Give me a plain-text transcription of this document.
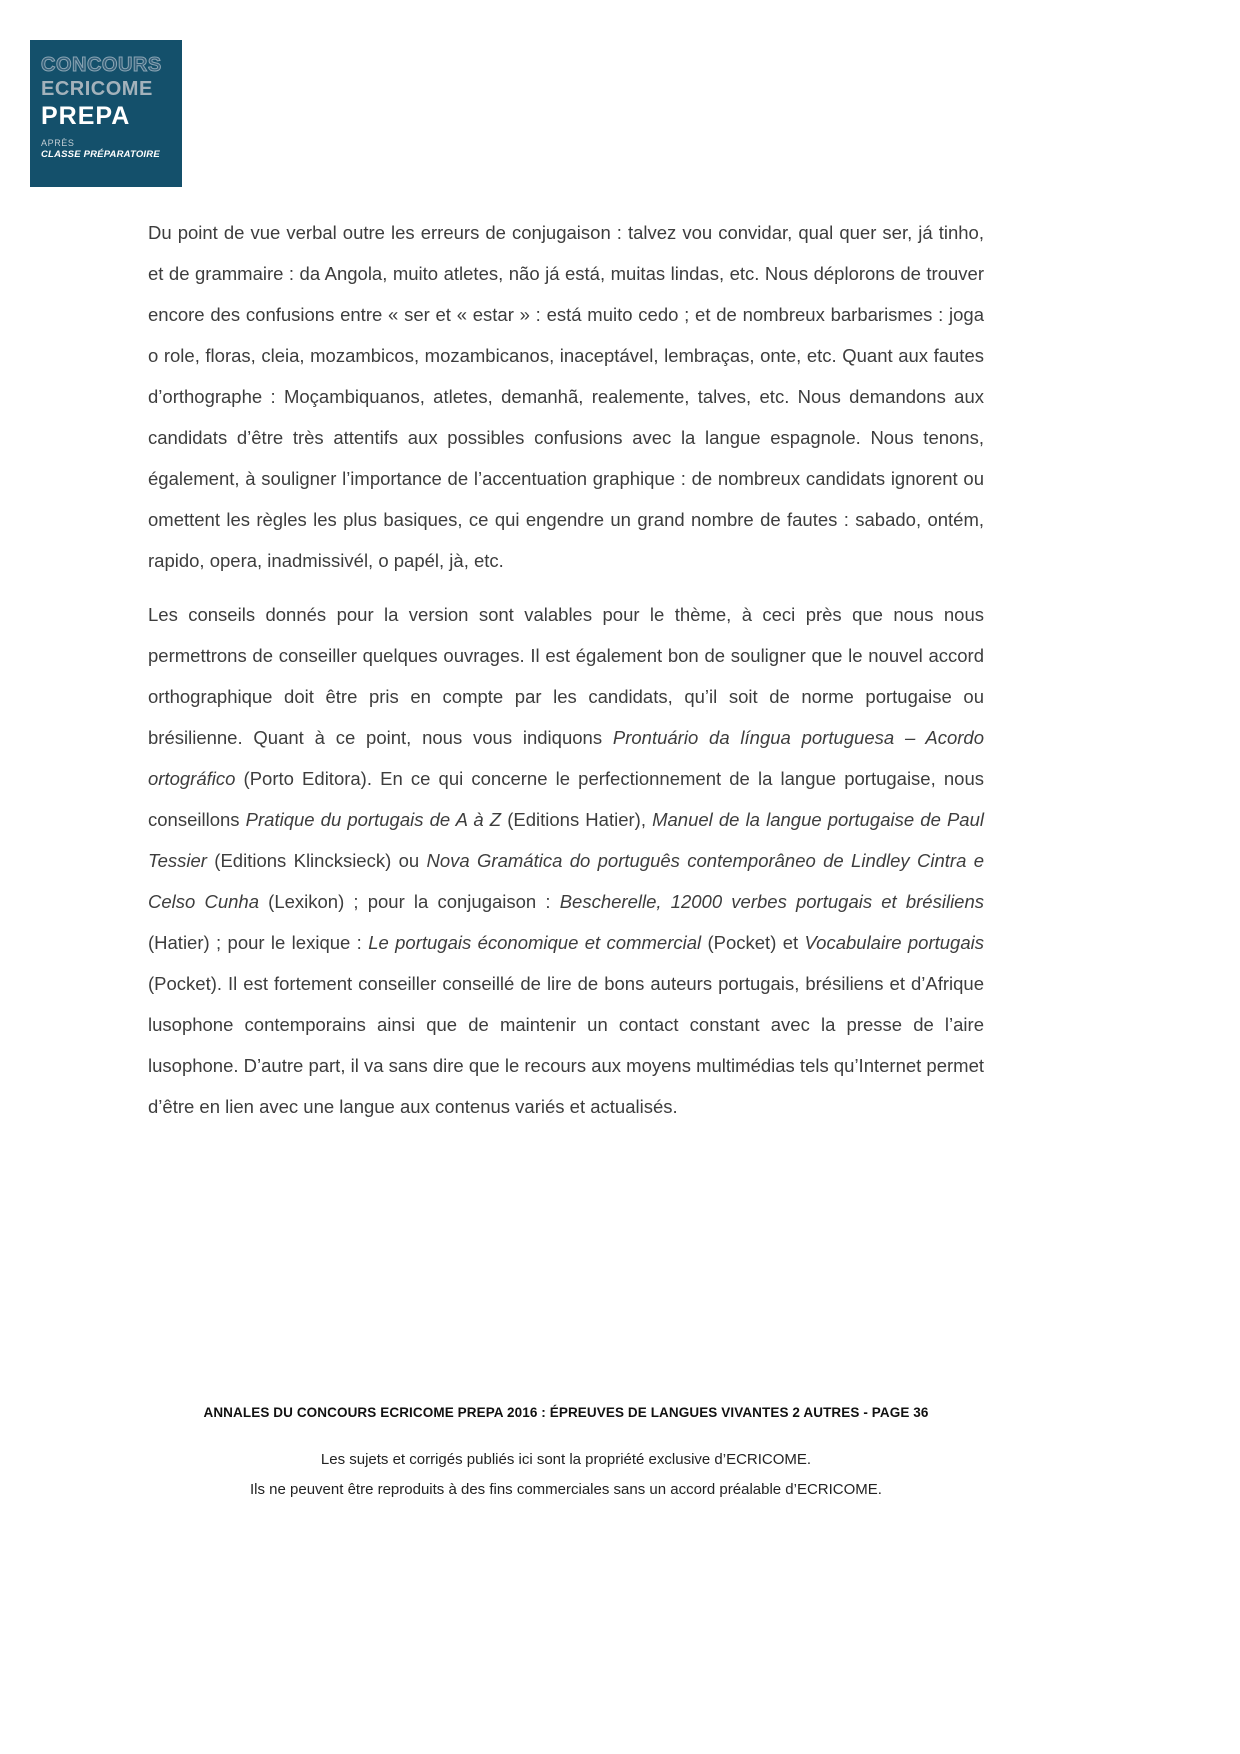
CONCOURS
ECRICOME
PREPA
APRÈS
CLASSE PRÉPARATOIRE

Du point de vue verbal outre les erreurs de conjugaison : talvez vou convidar, qual quer ser, já tinho, et de grammaire : da Angola, muito atletes, não já está, muitas lindas, etc. Nous déplorons de trouver encore des confusions entre « ser et « estar » : está muito cedo ; et de nombreux barbarismes : joga o role, floras, cleia, mozambicos, mozambicanos, inaceptável, lembraças, onte, etc. Quant aux fautes d’orthographe : Moçambiquanos, atletes, demanhã, realemente, talves, etc. Nous demandons aux candidats d’être très attentifs aux possibles confusions avec la langue espagnole. Nous tenons, également, à souligner l’importance de l’accentuation graphique : de nombreux candidats ignorent ou omettent les règles les plus basiques, ce qui engendre un grand nombre de fautes : sabado, ontém, rapido, opera, inadmissivél, o papél, jà, etc.

Les conseils donnés pour la version sont valables pour le thème, à ceci près que nous nous permettrons de conseiller quelques ouvrages. Il est également bon de souligner que le nouvel accord orthographique doit être pris en compte par les candidats, qu’il soit de norme portugaise ou brésilienne. Quant à ce point, nous vous indiquons Prontuário da língua portuguesa – Acordo ortográfico (Porto Editora). En ce qui concerne le perfectionnement de la langue portugaise, nous conseillons Pratique du portugais de A à Z (Editions Hatier), Manuel de la langue portugaise de Paul Tessier (Editions Klincksieck) ou Nova Gramática do português contemporâneo de Lindley Cintra e Celso Cunha (Lexikon) ; pour la conjugaison : Bescherelle, 12000 verbes portugais et brésiliens (Hatier) ; pour le lexique : Le portugais économique et commercial (Pocket) et Vocabulaire portugais (Pocket). Il est fortement conseiller conseillé de lire de bons auteurs portugais, brésiliens et d’Afrique lusophone contemporains ainsi que de maintenir un contact constant avec la presse de l’aire lusophone. D’autre part, il va sans dire que le recours aux moyens multimédias tels qu’Internet permet d’être en lien avec une langue aux contenus variés et actualisés.

ANNALES DU CONCOURS ECRICOME PREPA 2016 : ÉPREUVES DE LANGUES VIVANTES 2 AUTRES - PAGE 36
Les sujets et corrigés publiés ici sont la propriété exclusive d’ECRICOME.
Ils ne peuvent être reproduits à des fins commerciales sans un accord préalable d’ECRICOME.
